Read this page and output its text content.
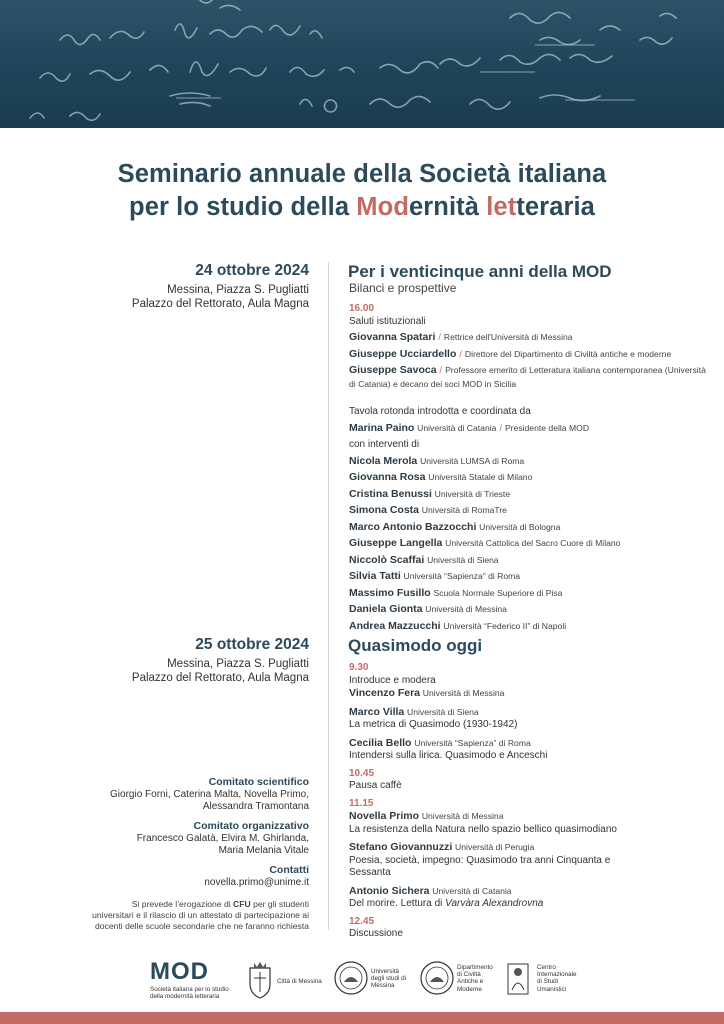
Seminario annuale della Società italiana
per lo studio della Modernità letteraria
24 ottobre 2024
Messina, Piazza S. Pugliatti
Palazzo del Rettorato, Aula Magna
Per i venticinque anni della MOD
Bilanci e prospettive
16.00
Saluti istituzionali
Giovanna Spatari / Rettrice dell'Università di Messina
Giuseppe Ucciardello / Direttore del Dipartimento di Civiltà antiche e moderne
Giuseppe Savoca / Professore emerito di Letteratura italiana contemporanea (Università di Catania) e decano dei soci MOD in Sicilia
Tavola rotonda introdotta e coordinata da
Marina Paino Università di Catania / Presidente della MOD
con interventi di
Nicola Merola Università LUMSA di Roma
Giovanna Rosa Università Statale di Milano
Cristina Benussi Università di Trieste
Simona Costa Università di RomaTre
Marco Antonio Bazzocchi Università di Bologna
Giuseppe Langella Università Cattolica del Sacro Cuore di Milano
Niccolò Scaffai Università di Siena
Silvia Tatti Università “Sapienza” di Roma
Massimo Fusillo Scuola Normale Superiore di Pisa
Daniela Gionta Università di Messina
Andrea Mazzucchi Università “Federico II” di Napoli
25 ottobre 2024
Messina, Piazza S. Pugliatti
Palazzo del Rettorato, Aula Magna
Quasimodo oggi
9.30
Introduce e modera
Vincenzo Fera Università di Messina
Marco Villa Università di Siena
La metrica di Quasimodo (1930-1942)
Cecilia Bello Università “Sapienza” di Roma
Intendersi sulla lirica. Quasimodo e Anceschi
10.45
Pausa caffè
11.15
Novella Primo Università di Messina
La resistenza della Natura nello spazio bellico quasimodiano
Stefano Giovannuzzi Università di Perugia
Poesia, società, impegno: Quasimodo tra anni Cinquanta e
Sessanta
Antonio Sichera Università di Catania
Del morire. Lettura di Varvàra Alexandrovna
12.45
Discussione
Comitato scientifico
Giorgio Forni, Caterina Malta, Novella Primo,
Alessandra Tramontana
Comitato organizzativo
Francesco Galatà, Elvira M. Ghirlanda,
Maria Melania Vitale
Contatti
novella.primo@unime.it
Si prevede l’erogazione di CFU per gli studenti
universitari e il rilascio di un attestato di partecipazione ai
docenti delle scuole secondarie che ne faranno richiesta
MOD
Società italiana per lo studio
della modernità letteraria
Città di Messina
Università
degli studi di
Messina
Dipartimento
di Civiltà
Antiche e
Moderne
Centro
Internazionale
di Studi
Umanistici
